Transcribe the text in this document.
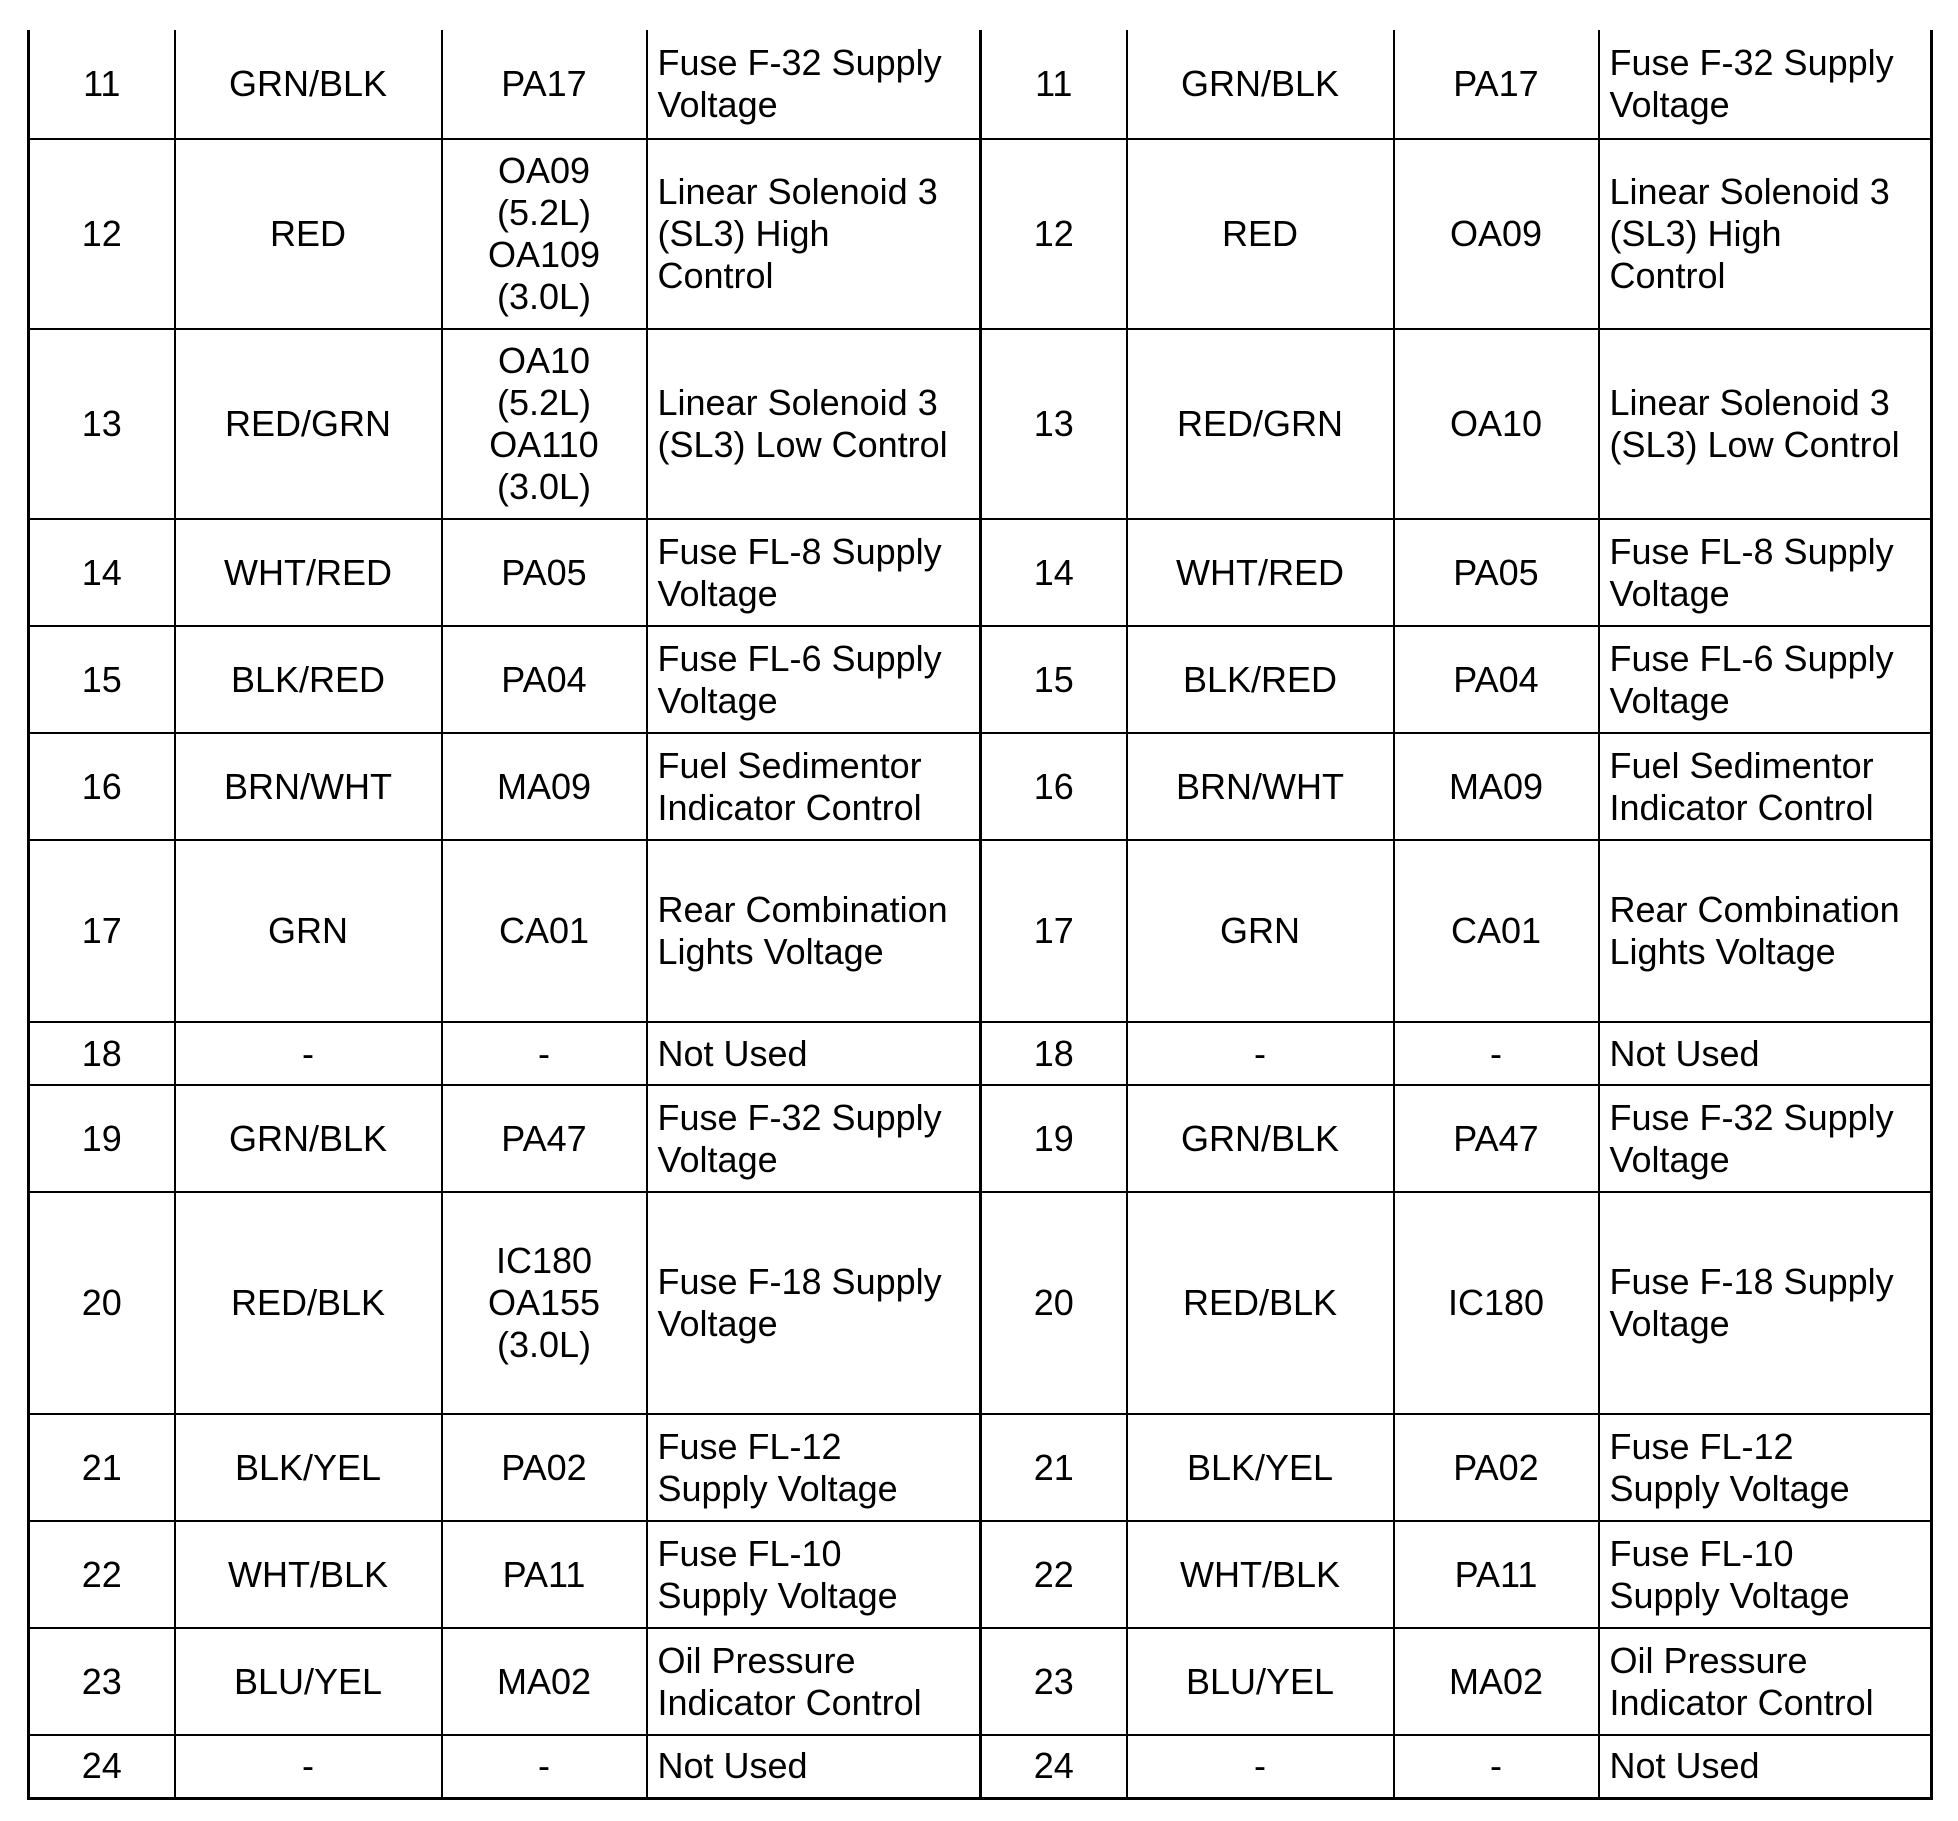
11	GRN/BLK	PA17	Fuse F-32 Supply
Voltage	11	GRN/BLK	PA17	Fuse F-32 Supply
Voltage

12	RED	OA09
(5.2L)
OA109
(3.0L)	Linear Solenoid 3
(SL3) High
Control	12	RED	OA09	Linear Solenoid 3
(SL3) High
Control

13	RED/GRN	OA10
(5.2L)
OA110
(3.0L)	Linear Solenoid 3
(SL3) Low Control	13	RED/GRN	OA10	Linear Solenoid 3
(SL3) Low Control

14	WHT/RED	PA05	Fuse FL-8 Supply
Voltage	14	WHT/RED	PA05	Fuse FL-8 Supply
Voltage

15	BLK/RED	PA04	Fuse FL-6 Supply
Voltage	15	BLK/RED	PA04	Fuse FL-6 Supply
Voltage

16	BRN/WHT	MA09	Fuel Sedimentor
Indicator Control	16	BRN/WHT	MA09	Fuel Sedimentor
Indicator Control

17	GRN	CA01	Rear Combination
Lights Voltage	17	GRN	CA01	Rear Combination
Lights Voltage

18	-	-	Not Used	18	-	-	Not Used

19	GRN/BLK	PA47	Fuse F-32 Supply
Voltage	19	GRN/BLK	PA47	Fuse F-32 Supply
Voltage

20	RED/BLK	IC180
OA155
(3.0L)	Fuse F-18 Supply
Voltage	20	RED/BLK	IC180	Fuse F-18 Supply
Voltage

21	BLK/YEL	PA02	Fuse FL-12
Supply Voltage	21	BLK/YEL	PA02	Fuse FL-12
Supply Voltage

22	WHT/BLK	PA11	Fuse FL-10
Supply Voltage	22	WHT/BLK	PA11	Fuse FL-10
Supply Voltage

23	BLU/YEL	MA02	Oil Pressure
Indicator Control	23	BLU/YEL	MA02	Oil Pressure
Indicator Control

24	-	-	Not Used	24	-	-	Not Used
